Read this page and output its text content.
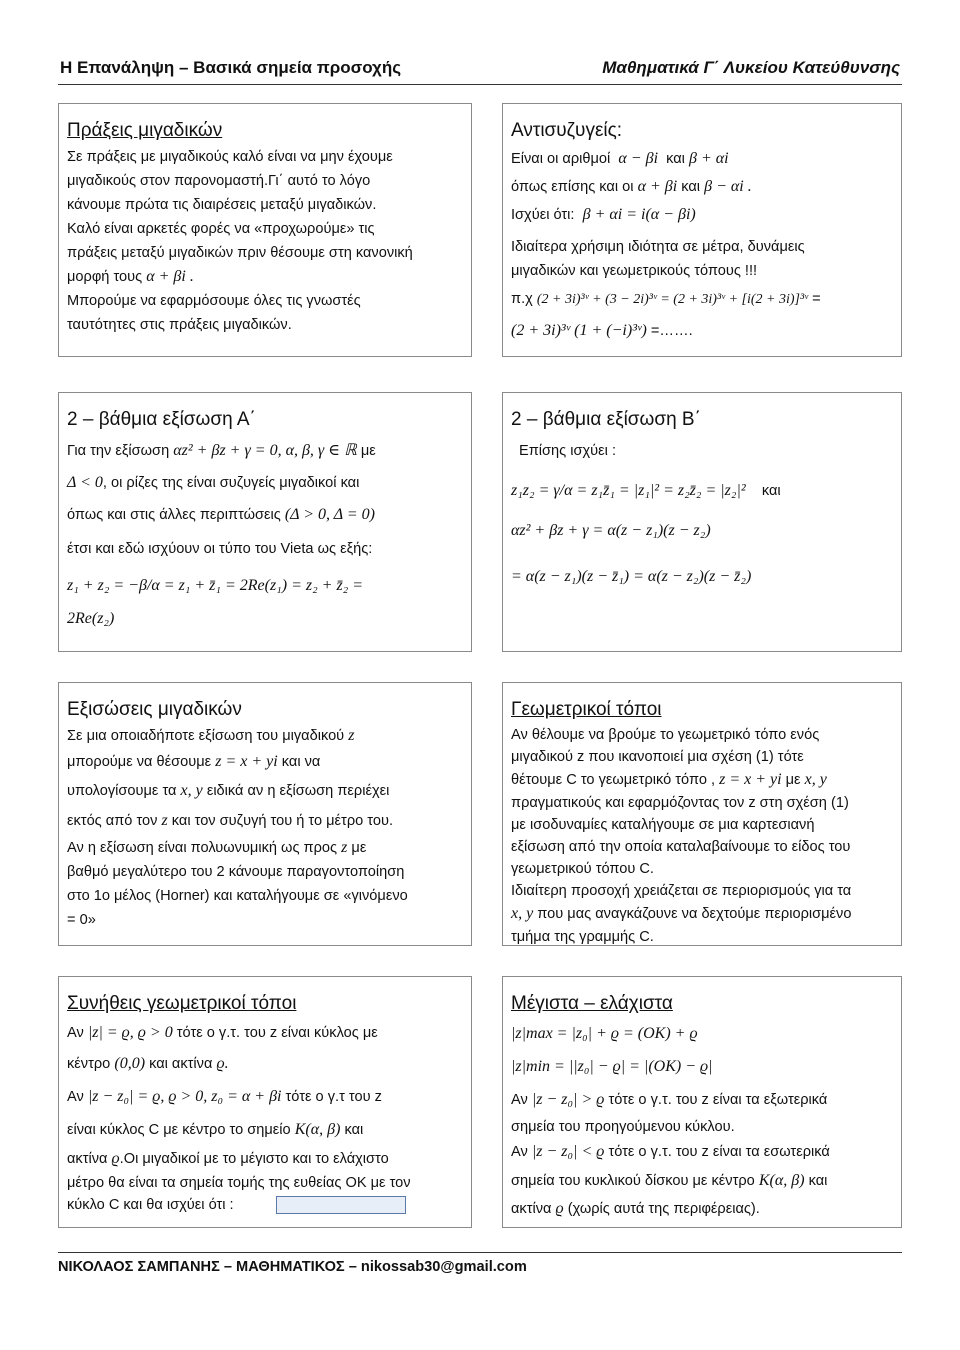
Η Επανάληψη – Βασικά σημεία προσοχής	Μαθηματικά Γ΄ Λυκείου Κατεύθυνσης
Πράξεις μιγαδικών
Σε πράξεις με μιγαδικούς καλό είναι να μην έχουμε
μιγαδικούς στον παρονομαστή.Γι΄ αυτό το λόγο
κάνουμε πρώτα τις διαιρέσεις μεταξύ μιγαδικών.
Καλό είναι αρκετές φορές να «προχωρούμε» τις
πράξεις μεταξύ μιγαδικών πριν θέσουμε στη κανονική
μορφή τους α + βi .
Μπορούμε να εφαρμόσουμε όλες τις γνωστές
ταυτότητες στις πράξεις μιγαδικών.
Αντισυζυγείς:
Είναι οι αριθμοί α − βi και β + αi
όπως επίσης και οι α + βi και β − αi .
Ισχύει ότι: β + αi = i(α − βi)
Ιδιαίτερα χρήσιμη ιδιότητα σε μέτρα, δυνάμεις
μιγαδικών και γεωμετρικούς τόπους !!!
π.χ (2 + 3i)³ᵛ + (3 − 2i)³ᵛ = (2 + 3i)³ᵛ + [i(2 + 3i)]³ᵛ =
(2 + 3i)³ᵛ (1 + (−i)³ᵛ) =…….
2 – βάθμια εξίσωση Α΄
Για την εξίσωση αz² + βz + γ = 0, α, β, γ ∈ ℝ με
Δ < 0, οι ρίζες της είναι συζυγείς μιγαδικοί και
όπως και στις άλλες περιπτώσεις (Δ > 0, Δ = 0)
έτσι και εδώ ισχύουν οι τύπο του Vieta ως εξής:
z₁ + z₂ = −β/α = z₁ + z̄₁ = 2Re(z₁) = z₂ + z̄₂ =
2Re(z₂)
2 – βάθμια εξίσωση Β΄
Επίσης ισχύει :
z₁z₂ = γ/α = z₁z̄₁ = |z₁|² = z₂z̄₂ = |z₂|² και
αz² + βz + γ = α(z − z₁)(z − z₂)
= α(z − z₁)(z − z̄₁) = α(z − z₂)(z − z̄₂)
Εξισώσεις μιγαδικών
Σε μια οποιαδήποτε εξίσωση του μιγαδικού z
μπορούμε να θέσουμε z = x + yi και να
υπολογίσουμε τα x, y ειδικά αν η εξίσωση περιέχει
εκτός από τον z και τον συζυγή του ή το μέτρο του.
Αν η εξίσωση είναι πολυωνυμική ως προς z με
βαθμό μεγαλύτερο του 2 κάνουμε παραγοντοποίηση
στο 1ο μέλος (Horner) και καταλήγουμε σε «γινόμενο
= 0»
Γεωμετρικοί τόποι
Αν θέλουμε να βρούμε το γεωμετρικό τόπο ενός
μιγαδικού z που ικανοποιεί μια σχέση (1) τότε
θέτουμε C το γεωμετρικό τόπο , z = x + yi με x, y
πραγματικούς και εφαρμόζοντας τον z στη σχέση (1)
με ισοδυναμίες καταλήγουμε σε μια καρτεσιανή
εξίσωση από την οποία καταλαβαίνουμε το είδος του
γεωμετρικού τόπου C.
Ιδιαίτερη προσοχή χρειάζεται σε περιορισμούς για τα
x, y που μας αναγκάζουνε να δεχτούμε περιορισμένο
τμήμα της γραμμής C.
Συνήθεις γεωμετρικοί τόποι
Αν |z| = ϱ, ϱ > 0 τότε ο γ.τ. του z είναι κύκλος με
κέντρο (0,0) και ακτίνα ϱ.
Αν |z − z₀| = ϱ, ϱ > 0, z₀ = α + βi τότε ο γ.τ του z
είναι κύκλος C με κέντρο το σημείο K(α, β) και
ακτίνα ϱ.Οι μιγαδικοί με το μέγιστο και το ελάχιστο
μέτρο θα είναι τα σημεία τομής της ευθείας ΟΚ με τον
κύκλο C και θα ισχύει ότι :
Μέγιστα – ελάχιστα
|z|max = |z₀| + ϱ = (OK) + ϱ
|z|min = ||z₀| − ϱ| = |(OK) − ϱ|
Αν |z − z₀| > ϱ τότε ο γ.τ. του z είναι τα εξωτερικά
σημεία του προηγούμενου κύκλου.
Αν |z − z₀| < ϱ τότε ο γ.τ. του z είναι τα εσωτερικά
σημεία του κυκλικού δίσκου με κέντρο K(α, β) και
ακτίνα ϱ (χωρίς αυτά της περιφέρειας).
ΝΙΚΟΛΑΟΣ ΣΑΜΠΑΝΗΣ – ΜΑΘΗΜΑΤΙΚΟΣ – nikossab30@gmail.com
